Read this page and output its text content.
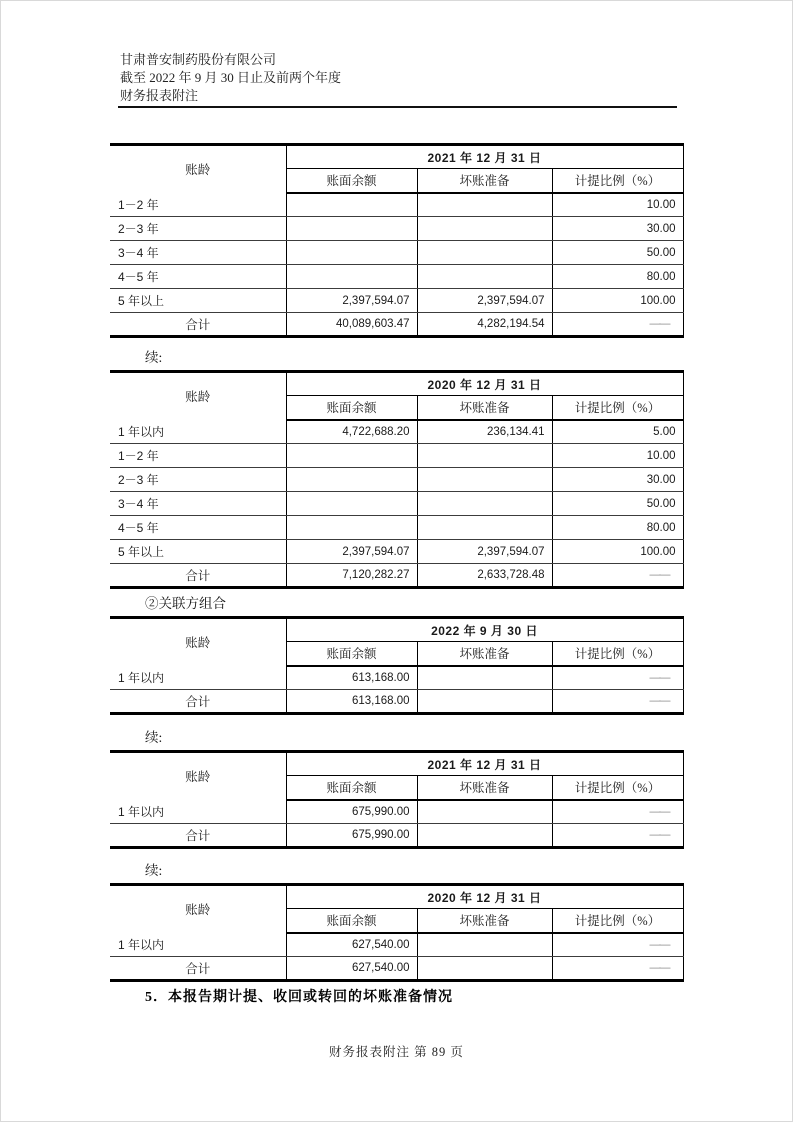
甘肃普安制药股份有限公司
截至 2022 年 9 月 30 日止及前两个年度
财务报表附注
账龄	2021 年 12 月 31 日		
	账面余额	坏账准备	计提比例（%）
1－2 年			10.00
2－3 年			30.00
3－4 年			50.00
4－5 年			80.00
5 年以上	2,397,594.07	2,397,594.07	100.00
合计	40,089,603.47	4,282,194.54	——
续:
账龄	2020 年 12 月 31 日		
	账面余额	坏账准备	计提比例（%）
1 年以内	4,722,688.20	236,134.41	5.00
1－2 年			10.00
2－3 年			30.00
3－4 年			50.00
4－5 年			80.00
5 年以上	2,397,594.07	2,397,594.07	100.00
合计	7,120,282.27	2,633,728.48	——
②关联方组合
账龄	2022 年 9 月 30 日		
	账面余额	坏账准备	计提比例（%）
1 年以内	613,168.00		——
合计	613,168.00		——
续:
账龄	2021 年 12 月 31 日		
	账面余额	坏账准备	计提比例（%）
1 年以内	675,990.00		——
合计	675,990.00		——
续:
账龄	2020 年 12 月 31 日		
	账面余额	坏账准备	计提比例（%）
1 年以内	627,540.00		——
合计	627,540.00		——
5．本报告期计提、收回或转回的坏账准备情况
财务报表附注 第 89 页
